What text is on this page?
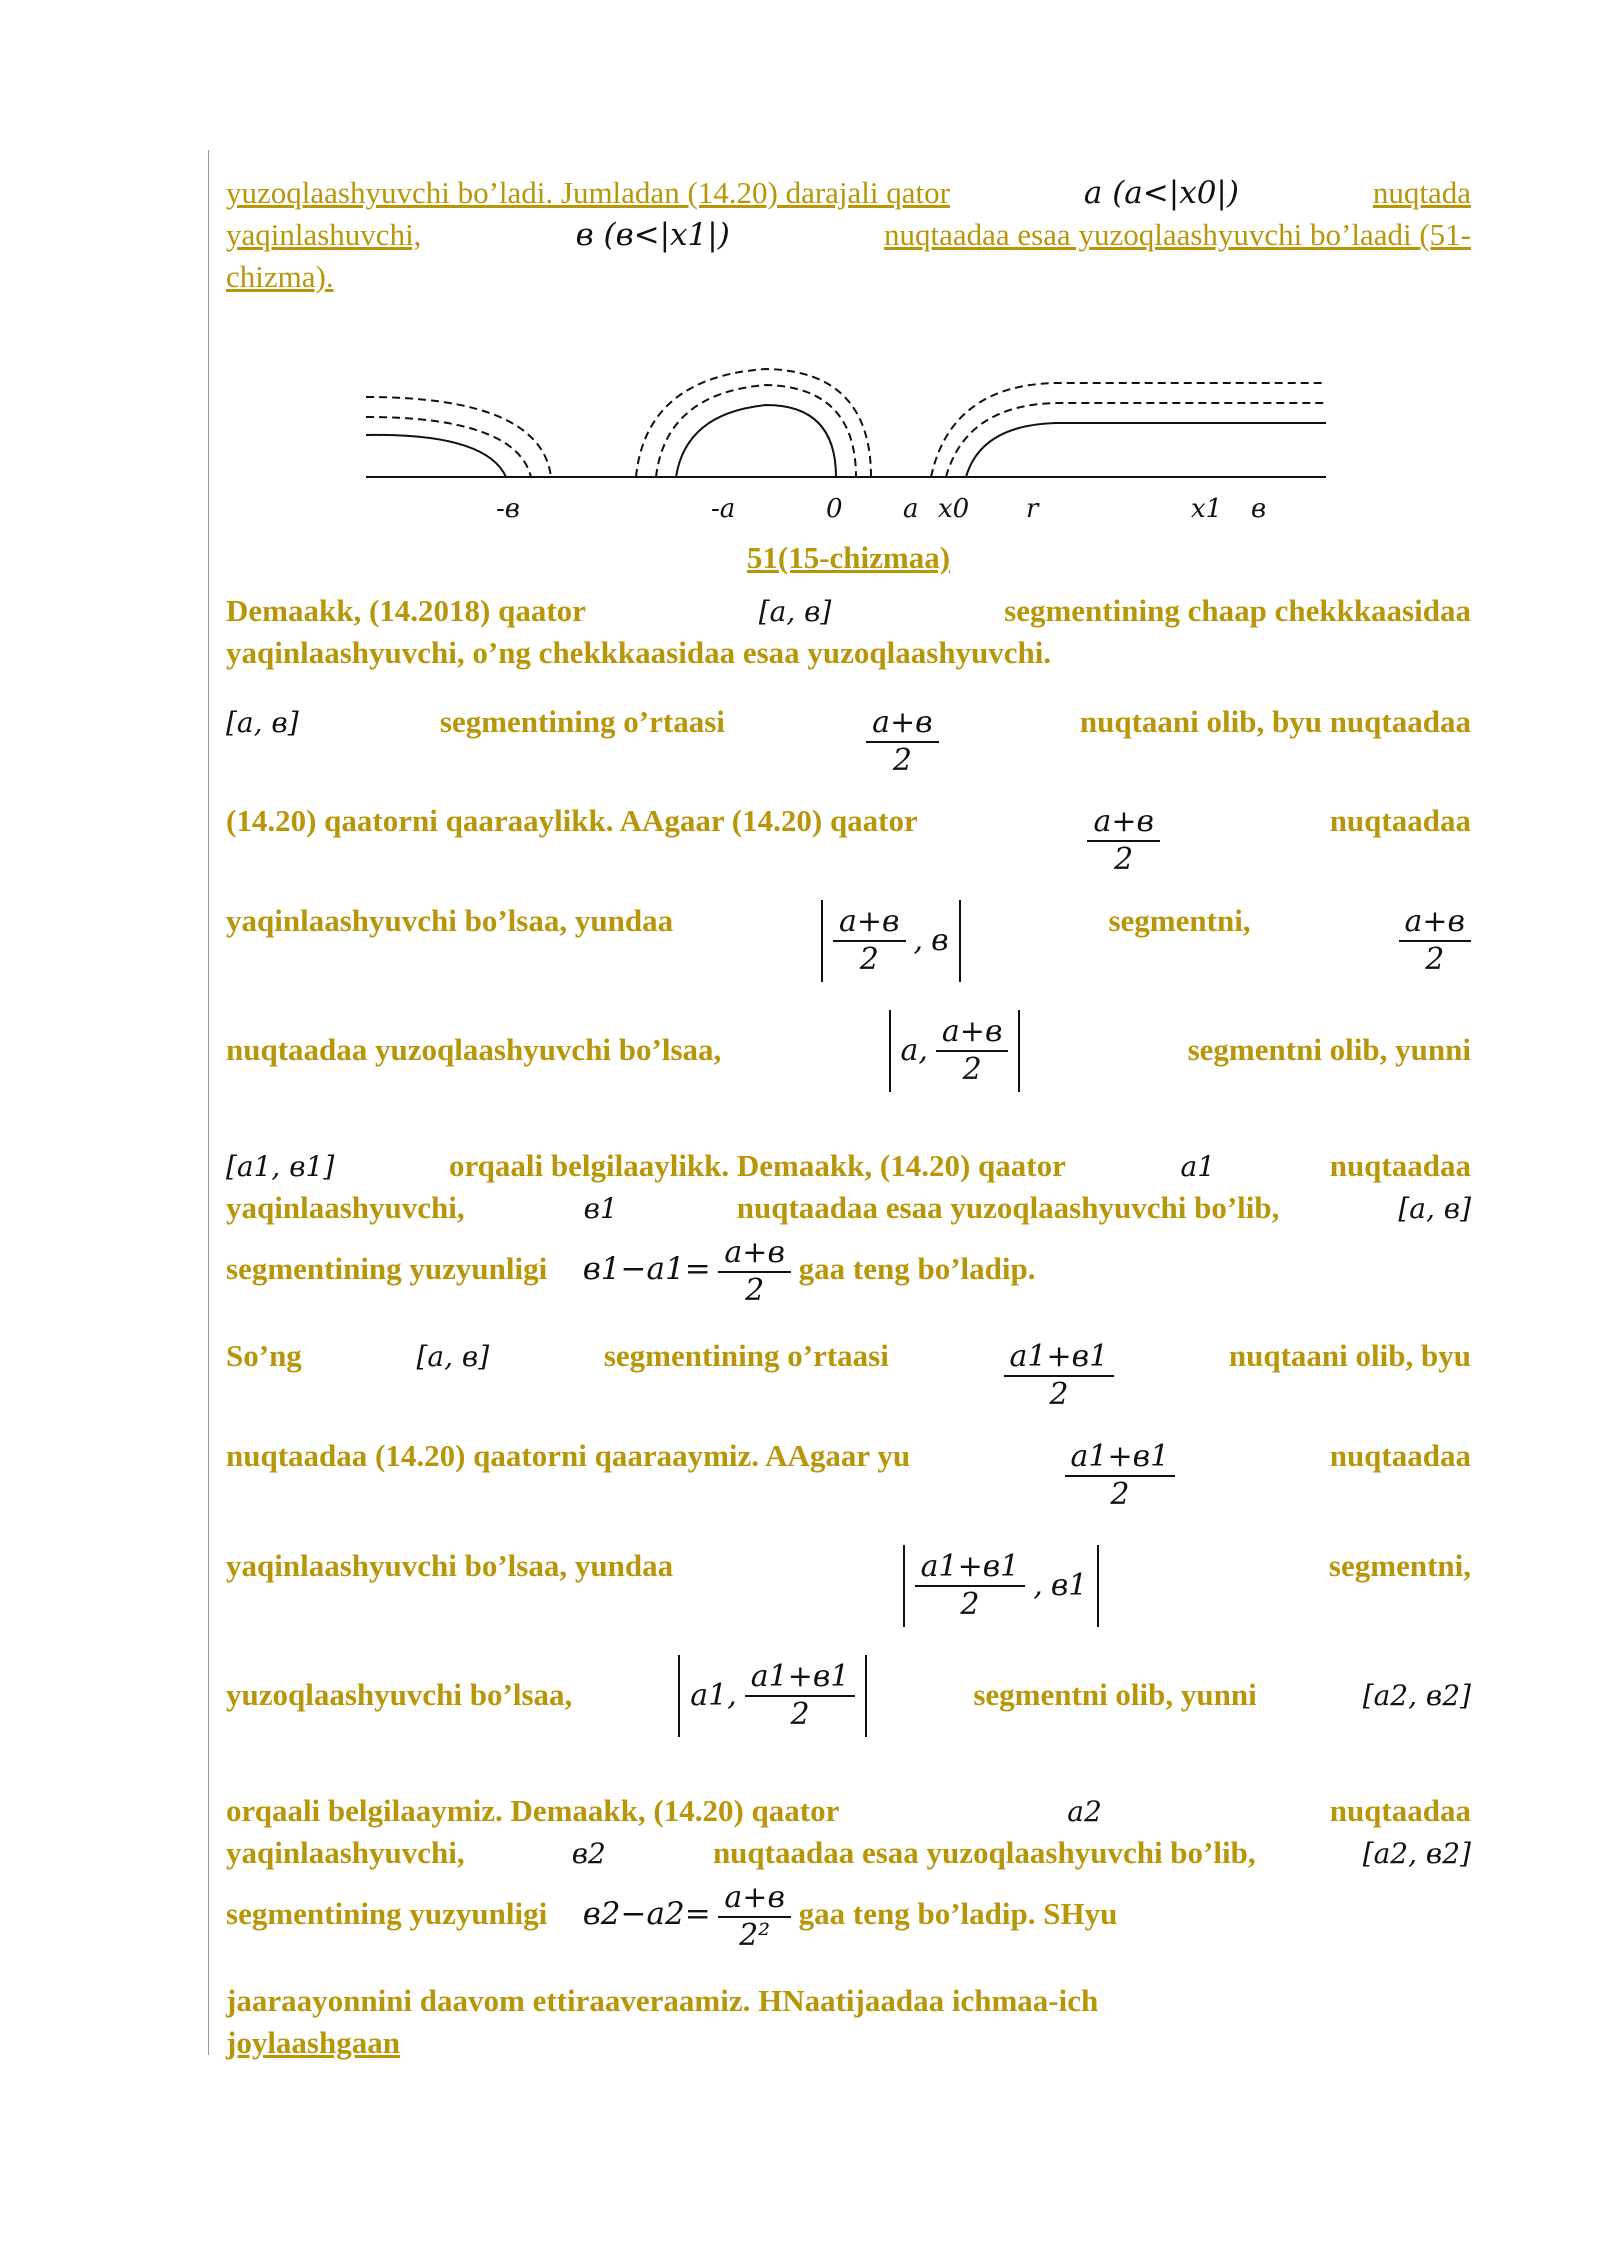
yuzoqlaashyuvchi bo’ladi. Jumladan (14.20) darajali qator	a (a<|x0|)	nuqtada
yaqinlashuvchi,	в (в<|x1|)	nuqtaadaa esaa yuzoqlaashyuvchi bo’laadi (51-
chizma).
-в	-a	0 a x0 r	x1 в
51(15-chizmaa)
Demaakk, (14.2018) qaator	[a, в]	segmentining chaap chekkkaasidaa
yaqinlaashyuvchi, o’ng chekkkaasidaa esaa yuzoqlaashyuvchi.
[a, в]	segmentining o’rtaasi	$\frac{a+в}{2}$	nuqtaani olib, byu nuqtaadaa
(14.20) qaatorni qaaraaylikk. AAgaar (14.20) qaator	$\frac{a+в}{2}$	nuqtaadaa
yaqinlaashyuvchi bo’lsaa, yundaa	$\frac{a+в}{2}$ , в
segmentni,	$\frac{a+в}{2}$
nuqtaadaa yuzoqlaashyuvchi bo’lsaa,	a, $\frac{a+в}{2}$	segmentni olib, yunni
[a1, в1]	orqaali belgilaaylikk. Demaakk, (14.20) qaator	a1	nuqtaadaa
yaqinlaashyuvchi,	в1	nuqtaadaa esaa yuzoqlaashyuvchi bo’lib,	[a, в]
segmentining yuzyunligi $в1-a1= \frac{a+в}{2}$ gaa teng bo’ladip.
So’ng	[a, в]	segmentining o’rtaasi	$\frac{a1+в1}{2}$	nuqtaani olib, byu
nuqtaadaa (14.20) qaatorni qaaraaymiz. AAgaar yu	$\frac{a1+в1}{2}$	nuqtaadaa
yaqinlaashyuvchi bo’lsaa, yundaa	$\frac{a1+в1}{2}$ , в1
segmentni,
yuzoqlaashyuvchi bo’lsaa,	a1, $\frac{a1+в1}{2}$	segmentni olib, yunni	[a2, в2]
orqaali belgilaaymiz. Demaakk, (14.20) qaator	a2	nuqtaadaa
yaqinlaashyuvchi,	в2	nuqtaadaa esaa yuzoqlaashyuvchi bo’lib,	[a2, в2]
segmentining yuzyunligi $в2-a2= \frac{a+в}{\text{2²}}$ gaa teng bo’ladip. SHyu
jaaraayonnini daavom ettiraaveraamiz. HNaatijaadaa ichmaa-ich
joylaashgaan
